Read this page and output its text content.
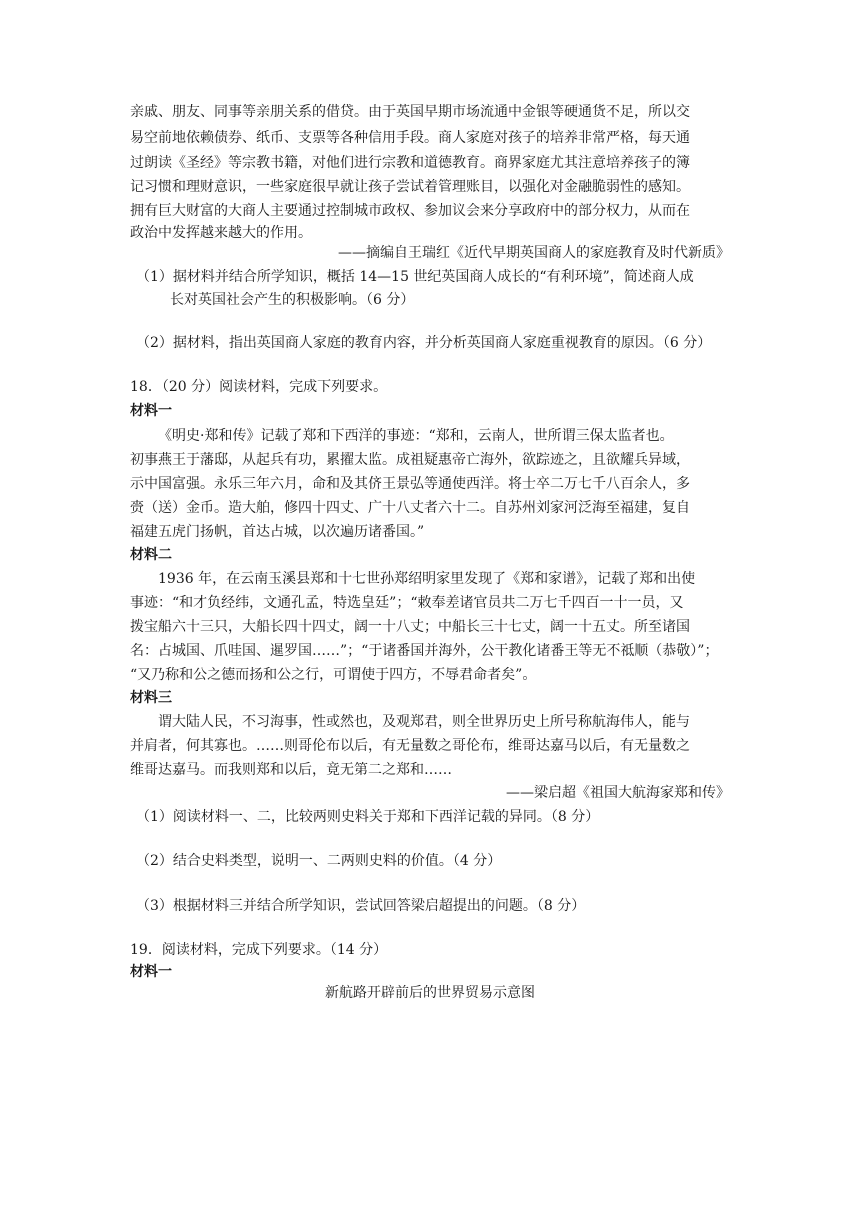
亲戚、朋友、同事等亲朋关系的借贷。由于英国早期市场流通中金银等硬通货不足，所以交
易空前地依赖债券、纸币、支票等各种信用手段。商人家庭对孩子的培养非常严格，每天通
过朗读《圣经》等宗教书籍，对他们进行宗教和道德教育。商界家庭尤其注意培养孩子的簿
记习惯和理财意识，一些家庭很早就让孩子尝试着管理账目，以强化对金融脆弱性的感知。
拥有巨大财富的大商人主要通过控制城市政权、参加议会来分享政府中的部分权力，从而在
政治中发挥越来越大的作用。
——摘编自王瑞红《近代早期英国商人的家庭教育及时代新质》
（1）据材料并结合所学知识，概括 14—15 世纪英国商人成长的“有利环境”，简述商人成
长对英国社会产生的积极影响。（6 分）
（2）据材料，指出英国商人家庭的教育内容，并分析英国商人家庭重视教育的原因。（6 分）
18．（20 分）阅读材料，完成下列要求。
材料一
《明史·郑和传》记载了郑和下西洋的事迹：“郑和，云南人，世所谓三保太监者也。
初事燕王于藩邸，从起兵有功，累擢太监。成祖疑惠帝亡海外，欲踪迹之，且欲耀兵异域，
示中国富强。永乐三年六月，命和及其侪王景弘等通使西洋。将士卒二万七千八百余人，多
赍（送）金币。造大舶，修四十四丈、广十八丈者六十二。自苏州刘家河泛海至福建，复自
福建五虎门扬帆，首达占城，以次遍历诸番国。”
材料二
1936 年，在云南玉溪县郑和十七世孙郑绍明家里发现了《郑和家谱》，记载了郑和出使
事迹：“和才负经纬，文通孔孟，特选皇廷”；“敕奉差诸官员共二万七千四百一十一员，又
拨宝船六十三只，大船长四十四丈，阔一十八丈；中船长三十七丈，阔一十五丈。所至诸国
名：占城国、爪哇国、暹罗国……”；“于诸番国并海外，公干教化诸番王等无不祗顺（恭敬）”；
“又乃称和公之德而扬和公之行，可谓使于四方，不辱君命者矣”。
材料三
谓大陆人民，不习海事，性或然也，及观郑君，则全世界历史上所号称航海伟人，能与
并肩者，何其寡也。……则哥伦布以后，有无量数之哥伦布，维哥达嘉马以后，有无量数之
维哥达嘉马。而我则郑和以后，竟无第二之郑和……
——梁启超《祖国大航海家郑和传》
（1）阅读材料一、二，比较两则史料关于郑和下西洋记载的异同。（8 分）
（2）结合史料类型，说明一、二两则史料的价值。（4 分）
（3）根据材料三并结合所学知识，尝试回答梁启超提出的问题。（8 分）
19．阅读材料，完成下列要求。（14 分）
材料一
新航路开辟前后的世界贸易示意图
